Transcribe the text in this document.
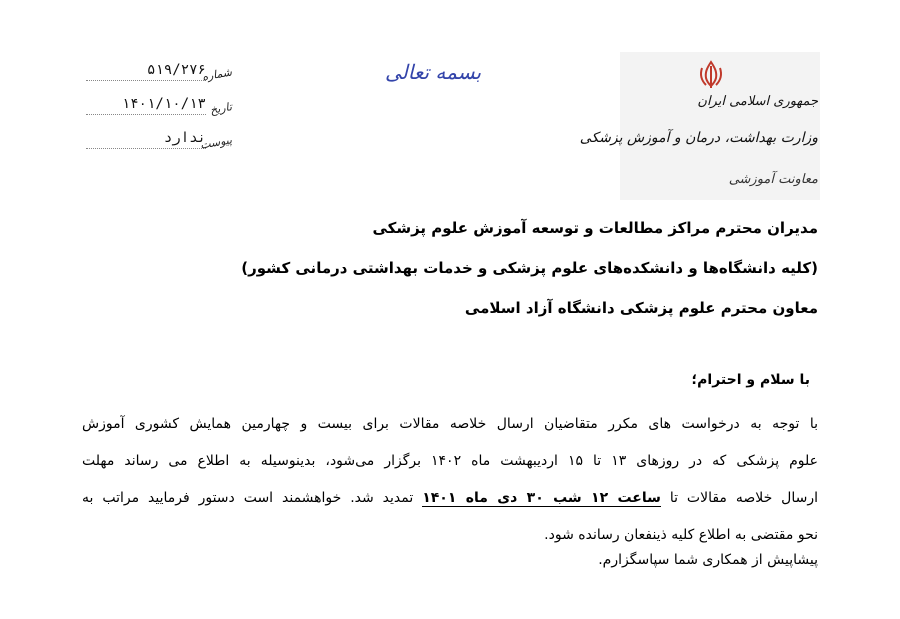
جمهوری اسلامی ایران
وزارت بهداشت، درمان و آموزش پزشکی
معاونت آموزشی
بسمه تعالی
۵۱۹/۲۷۶
شماره
۱۴۰۱/۱۰/۱۳ تاریخ
ندارد
پیوست
مدیران محترم مراکز مطالعات و توسعه آموزش علوم پزشکی
(کلیه دانشگاه‌ها و دانشکده‌های علوم پزشکی و خدمات بهداشتی درمانی کشور)
معاون محترم علوم پزشکی دانشگاه آزاد اسلامی
با سلام و احترام؛
با توجه به درخواست های مکرر متقاضیان ارسال خلاصه مقالات برای بیست و چهارمین همایش کشوری آموزش
علوم پزشکی که در روزهای ۱۳ تا ۱۵ اردیبهشت ماه ۱۴۰۲ برگزار می‌شود، بدینوسیله به اطلاع می رساند مهلت
ارسال خلاصه مقالات تا ساعت ۱۲ شب ۳۰ دی ماه ۱۴۰۱ تمدید شد. خواهشمند است دستور فرمایید مراتب به
نحو مقتضی به اطلاع کلیه ذینفعان رسانده شود.
پیشاپیش از همکاری شما سپاسگزارم.
